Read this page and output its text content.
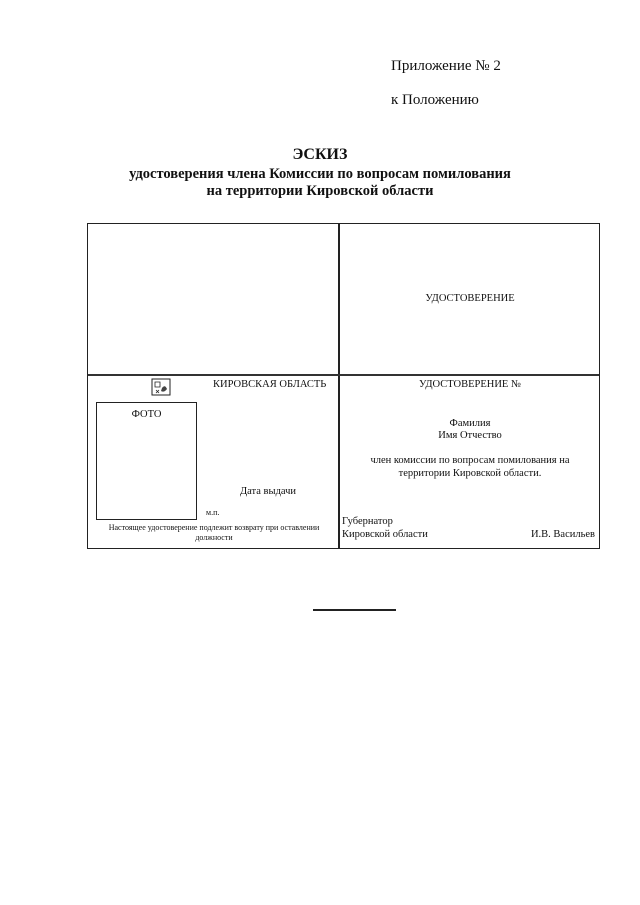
Приложение № 2
к Положению
ЭСКИЗ
удостоверения члена Комиссии по вопросам помилования
на территории Кировской области
УДОСТОВЕРЕНИЕ
КИРОВСКАЯ ОБЛАСТЬ
ФОТО
Дата выдачи
м.п.
Настоящее удостоверение подлежит возврату при оставлении должности
УДОСТОВЕРЕНИЕ №
Фамилия
Имя Отчество
член комиссии по вопросам помилования на
территории Кировской области.
Губернатор
Кировской области	И.В. Васильев
